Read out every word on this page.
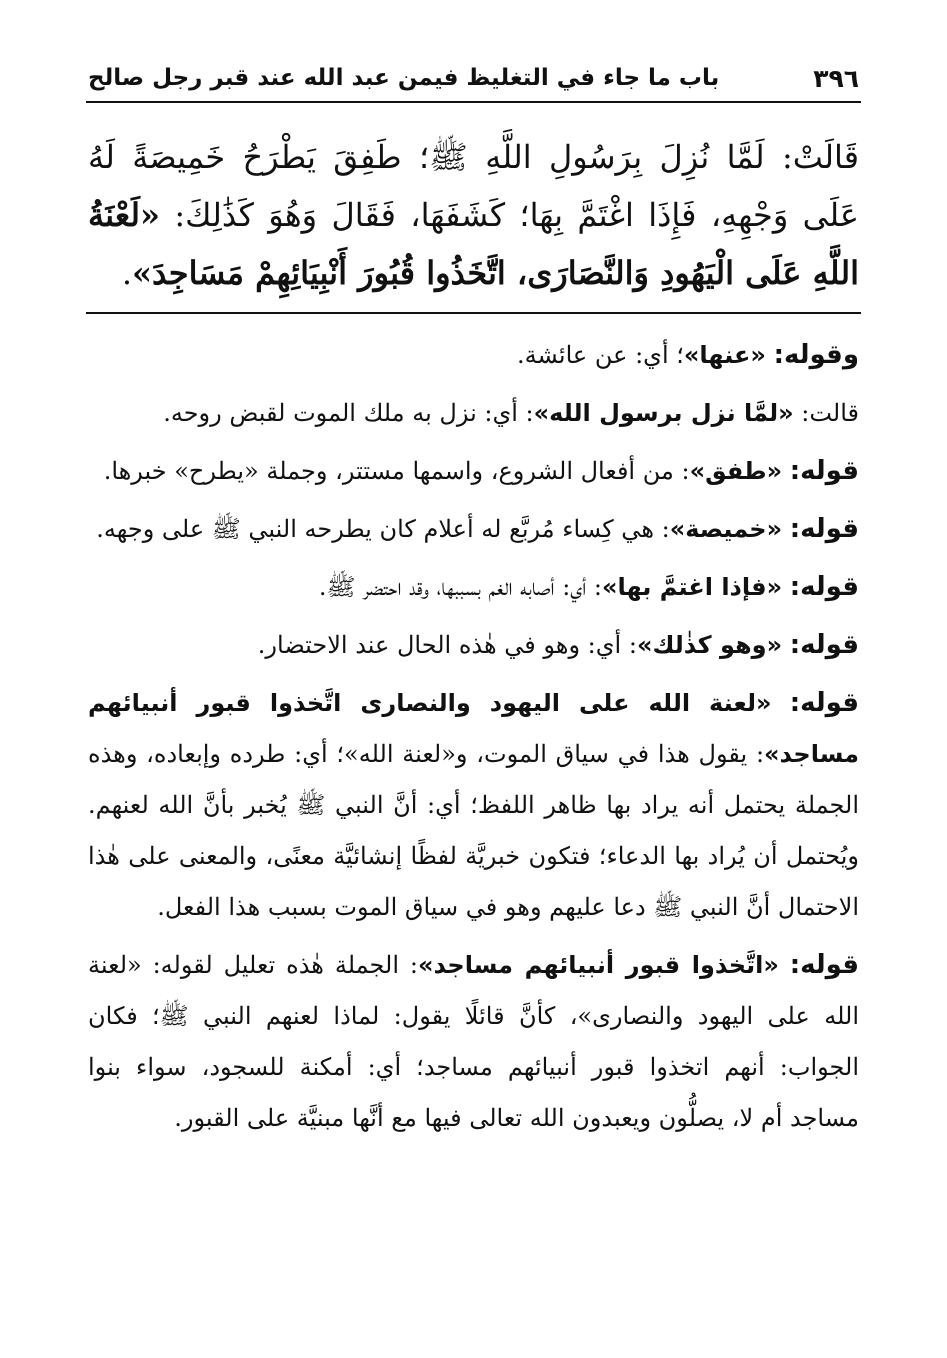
٣٩٦
باب ما جاء في التغليظ فيمن عبد الله عند قبر رجل صالح
قَالَتْ: لَمَّا نُزِلَ بِرَسُولِ اللَّهِ ﷺ؛ طَفِقَ يَطْرَحُ خَمِيصَةً لَهُ عَلَى وَجْهِهِ، فَإِذَا اغْتَمَّ بِهَا؛ كَشَفَهَا، فَقَالَ وَهُوَ كَذَٰلِكَ: «لَعْنَةُ اللَّهِ عَلَى الْيَهُودِ وَالنَّصَارَى، اتَّخَذُوا قُبُورَ أَنْبِيَائِهِمْ مَسَاجِدَ».

وقوله: «عنها»؛ أي: عن عائشة.

قالت: «لمَّا نزل برسول الله»: أي: نزل به ملك الموت لقبض روحه.

قوله: «طفق»: من أفعال الشروع، واسمها مستتر، وجملة «يطرح» خبرها.

قوله: «خميصة»: هي كِساء مُربَّع له أعلام كان يطرحه النبي ﷺ على وجهه.

قوله: «فإذا اغتمَّ بها»: أي: أصابه الغم بسببها، وقد احتضر ﷺ.

قوله: «وهو كذٰلك»: أي: وهو في هٰذه الحال عند الاحتضار.

قوله: «لعنة الله على اليهود والنصارى اتَّخذوا قبور أنبيائهم مساجد»: يقول هذا في سياق الموت، و«لعنة الله»؛ أي: طرده وإبعاده، وهذه الجملة يحتمل أنه يراد بها ظاهر اللفظ؛ أي: أنَّ النبي ﷺ يُخبر بأنَّ الله لعنهم. ويُحتمل أن يُراد بها الدعاء؛ فتكون خبريَّة لفظًا إنشائيَّة معنًى، والمعنى على هٰذا الاحتمال أنَّ النبي ﷺ دعا عليهم وهو في سياق الموت بسبب هذا الفعل.

قوله: «اتَّخذوا قبور أنبيائهم مساجد»: الجملة هٰذه تعليل لقوله: «لعنة الله على اليهود والنصارى»، كأنَّ قائلًا يقول: لماذا لعنهم النبي ﷺ؛ فكان الجواب: أنهم اتخذوا قبور أنبيائهم مساجد؛ أي: أمكنة للسجود، سواء بنوا مساجد أم لا، يصلُّون ويعبدون الله تعالى فيها مع أنَّها مبنيَّة على القبور.
